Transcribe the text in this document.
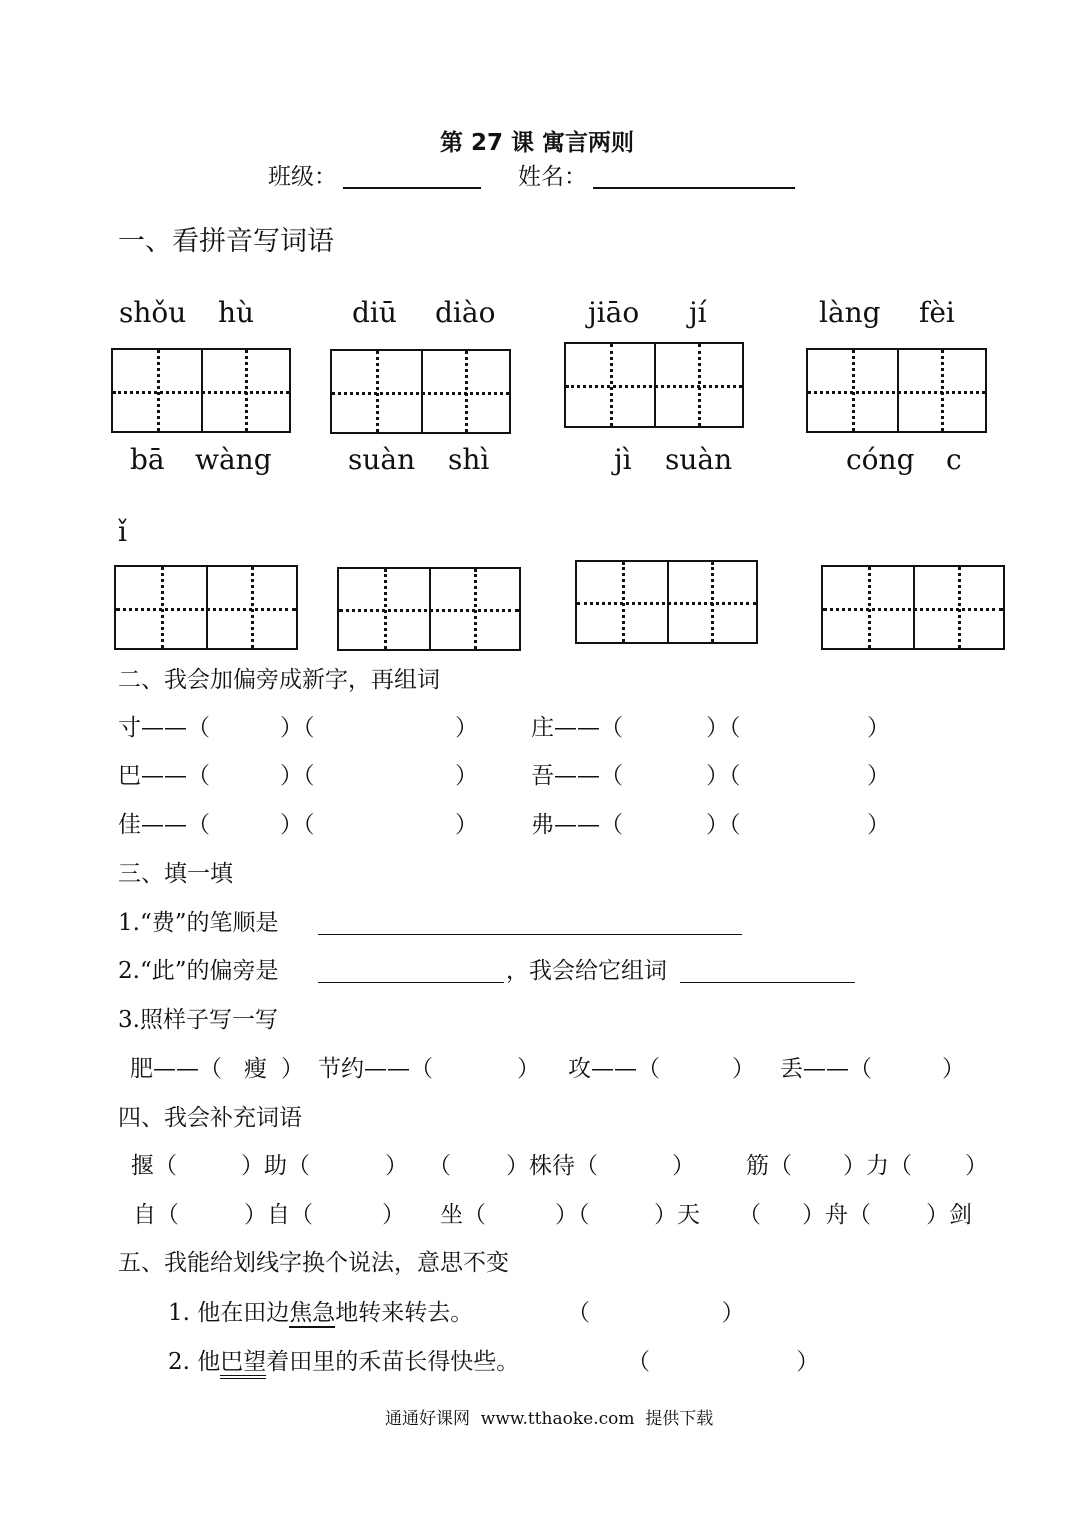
第 27 课 寓言两则
班级：	姓名：
一、看拼音写词语
shǒu hù	diū diào	jiāo jí	làng fèi
bā wàng	suàn shì	jì suàn	cóng c
ǐ
二、我会加偏旁成新字，再组词
寸——（	）（	） 庄——（	）（	）
巴——（	）（	） 吾——（	）（	）
佳——（	）（	） 弗——（	）（	）
三、填一填
1.“费”的笔顺是
2.“此”的偏旁是	，我会给它组词
3.照样子写一写
肥——（ 瘦 ） 节约——（	） 攻——（	） 丢——（	）
四、我会补充词语
揠（	）助（	） （ ）株待（	） 筋（ ）力（ ）
自（	）自（	） 坐（	）（	）天 （ ）舟（ ）剑
五、我能给划线字换个说法，意思不变
1. 他在田边焦急地转来转去。	（                  ）
2. 他巴望着田里的禾苗长得快些。	（                    ）
通通好课网  www.tthaoke.com  提供下载
